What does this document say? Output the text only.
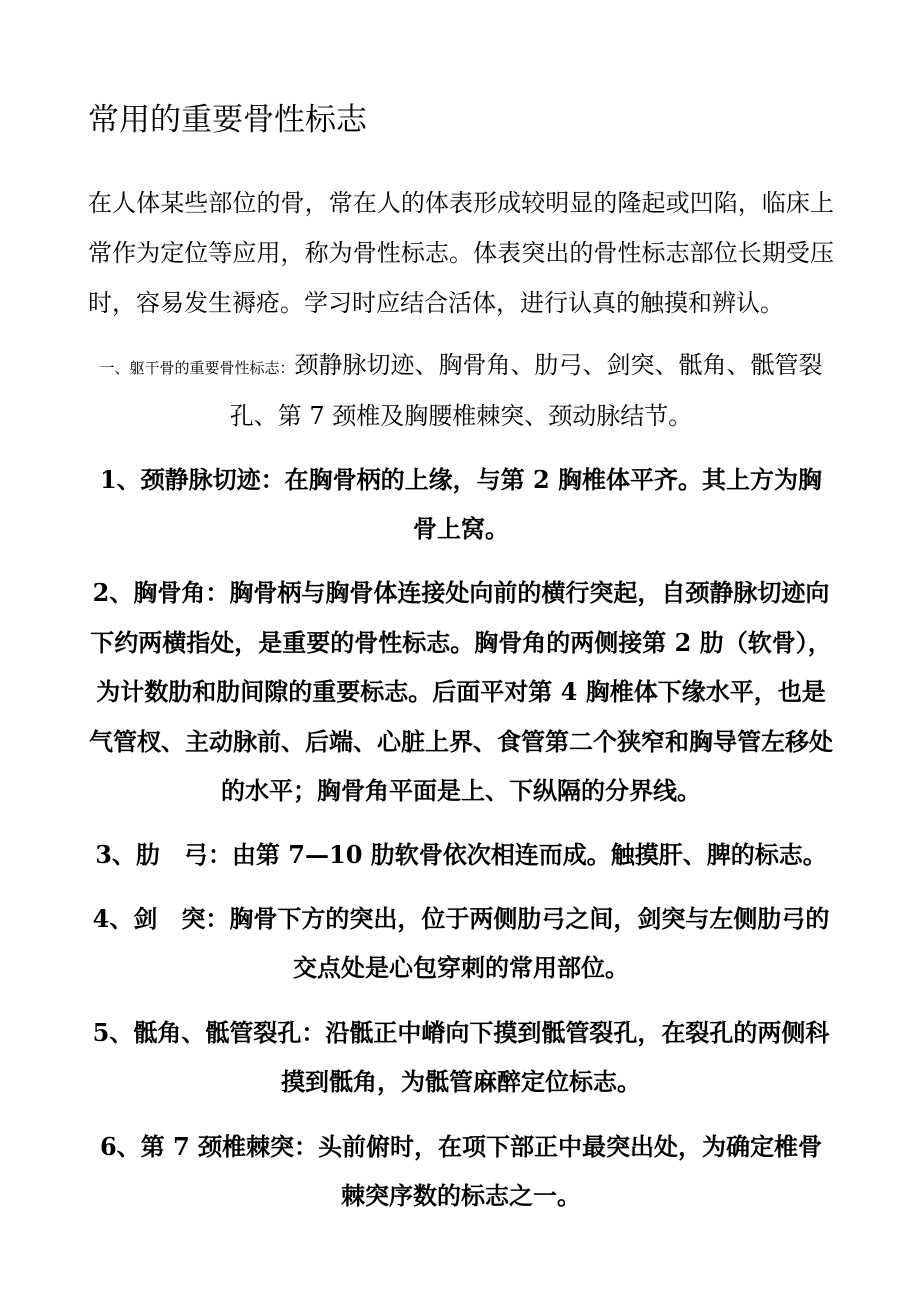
常用的重要骨性标志

在人体某些部位的骨，常在人的体表形成较明显的隆起或凹陷，临床上常作为定位等应用，称为骨性标志。体表突出的骨性标志部位长期受压时，容易发生褥疮。学习时应结合活体，进行认真的触摸和辨认。

一、躯干骨的重要骨性标志：颈静脉切迹、胸骨角、肋弓、剑突、骶角、骶管裂孔、第 7 颈椎及胸腰椎棘突、颈动脉结节。

1、颈静脉切迹：在胸骨柄的上缘，与第 2 胸椎体平齐。其上方为胸骨上窝。

2、胸骨角：胸骨柄与胸骨体连接处向前的横行突起，自颈静脉切迹向下约两横指处，是重要的骨性标志。胸骨角的两侧接第 2 肋（软骨），为计数肋和肋间隙的重要标志。后面平对第 4 胸椎体下缘水平，也是气管杈、主动脉前、后端、心脏上界、食管第二个狭窄和胸导管左移处的水平；胸骨角平面是上、下纵隔的分界线。

3、肋　弓：由第 7—10 肋软骨依次相连而成。触摸肝、脾的标志。

4、剑　突：胸骨下方的突出，位于两侧肋弓之间，剑突与左侧肋弓的交点处是心包穿刺的常用部位。

5、骶角、骶管裂孔：沿骶正中嵴向下摸到骶管裂孔，在裂孔的两侧科摸到骶角，为骶管麻醉定位标志。

6、第 7 颈椎棘突：头前俯时，在项下部正中最突出处，为确定椎骨棘突序数的标志之一。
